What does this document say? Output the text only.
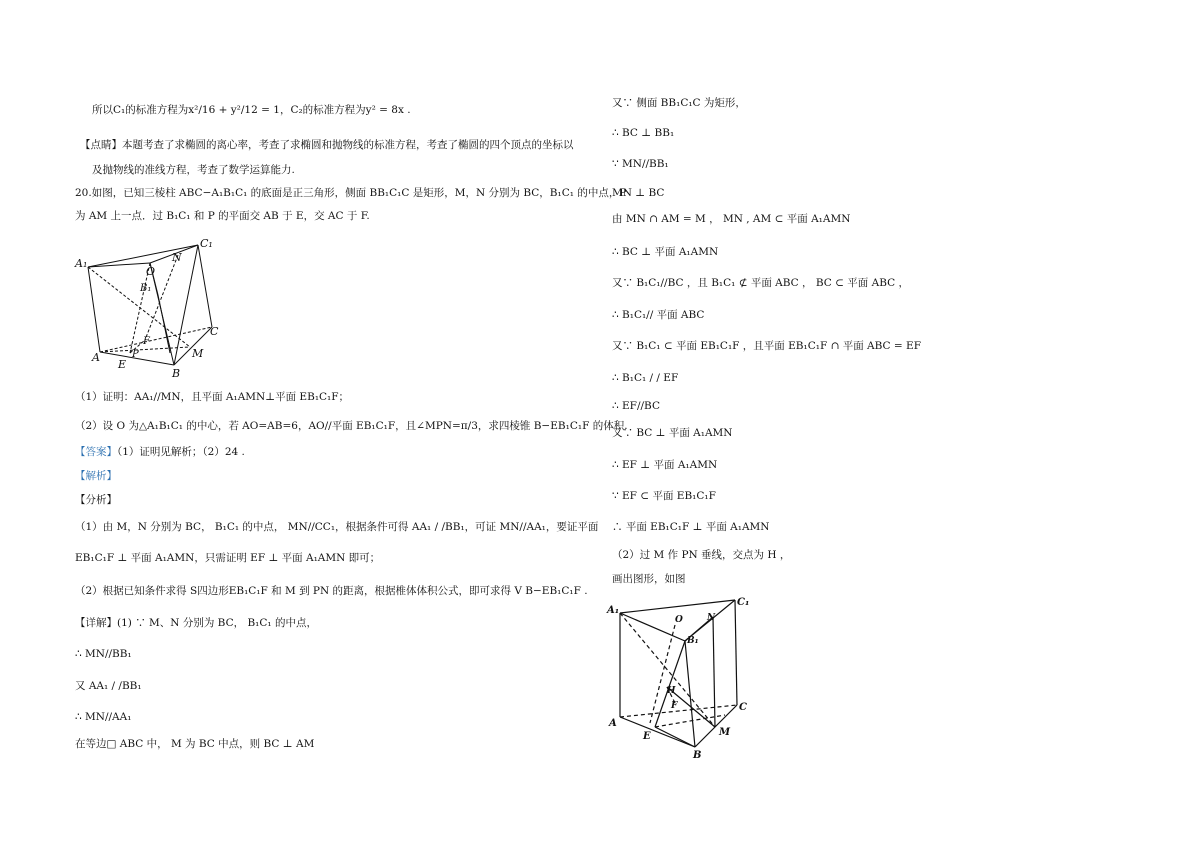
所以C₁的标准方程为x²/16 + y²/12 = 1，C₂的标准方程为y² = 8x .
【点睛】本题考查了求椭圆的离心率，考查了求椭圆和抛物线的标准方程，考查了椭圆的四个顶点的坐标以
及抛物线的准线方程，考查了数学运算能力.
20.如图，已知三棱柱 ABC−A₁B₁C₁ 的底面是正三角形，侧面 BB₁C₁C 是矩形，M，N 分别为 BC，B₁C₁ 的中点，P
为 AM 上一点．过 B₁C₁ 和 P 的平面交 AB 于 E，交 AC 于 F.
A₁
C₁
N
O
B₁
C
F
P	M
A
E
B
（1）证明：AA₁//MN，且平面 A₁AMN⊥平面 EB₁C₁F；
（2）设 O 为△A₁B₁C₁ 的中心，若 AO=AB=6，AO//平面 EB₁C₁F，且∠MPN=π/3，求四棱锥 B−EB₁C₁F 的体积.
【答案】（1）证明见解析；（2）24 .
【解析】
【分析】
（1）由 M，N 分别为 BC， B₁C₁ 的中点， MN//CC₁，根据条件可得 AA₁ / /BB₁，可证 MN//AA₁，要证平面
EB₁C₁F ⊥ 平面 A₁AMN，只需证明 EF ⊥ 平面 A₁AMN 即可；
（2）根据已知条件求得 S四边形EB₁C₁F 和 M 到 PN 的距离，根据椎体体积公式，即可求得 V B−EB₁C₁F .
【详解】(1) ∵ M、N 分别为 BC， B₁C₁ 的中点，
∴ MN//BB₁
又 AA₁ / /BB₁
∴ MN//AA₁
在等边□ ABC 中， M 为 BC 中点，则 BC ⊥ AM
又∵ 侧面 BB₁C₁C 为矩形，
∴ BC ⊥ BB₁
∵ MN//BB₁
MN ⊥ BC
由 MN ∩ AM = M ， MN , AM ⊂ 平面 A₁AMN
∴ BC ⊥ 平面 A₁AMN
又∵ B₁C₁//BC ，且 B₁C₁ ⊄ 平面 ABC ， BC ⊂ 平面 ABC ，
∴ B₁C₁// 平面 ABC
又∵ B₁C₁ ⊂ 平面 EB₁C₁F ，且平面 EB₁C₁F ∩ 平面 ABC = EF
∴ B₁C₁ / / EF
∴ EF//BC
又∵ BC ⊥ 平面 A₁AMN
∴ EF ⊥ 平面 A₁AMN
∵ EF ⊂ 平面 EB₁C₁F
∴ 平面 EB₁C₁F ⊥ 平面 A₁AMN
（2）过 M 作 PN 垂线，交点为 H ，
画出图形，如图
A₁
C₁
O	N
B₁
H
F	C
A
E	M
B
